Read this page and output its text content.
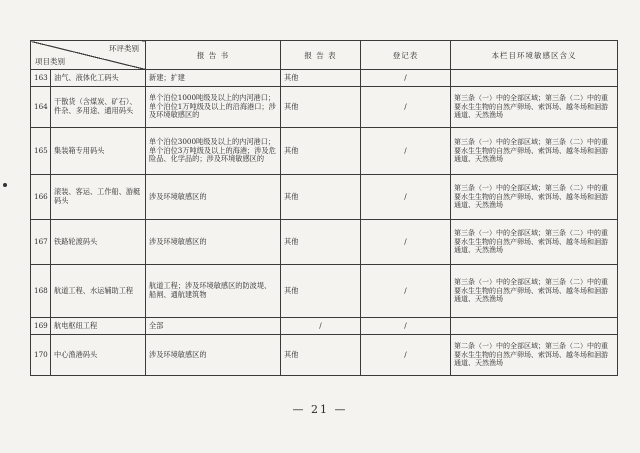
环评类别
项目类别		报 告 书	报 告 表	登记表	本栏目环境敏感区含义
163	油气、液体化工码头	新建；扩建	其他	/	
164	干散货（含煤炭、矿石）、件杂、多用途、通用码头	单个泊位1000吨级及以上的内河港口；单个泊位1万吨级及以上的沿海港口；涉及环境敏感区的	其他	/	第三条（一）中的全部区域；第三条（二）中的重要水生生物的自然产卵场、索饵场、越冬场和洄游通道、天然渔场
165	集装箱专用码头	单个泊位3000吨级及以上的内河港口；单个泊位3万吨级及以上的海港；涉及危险品、化学品的；涉及环境敏感区的	其他	/	第三条（一）中的全部区域；第三条（二）中的重要水生生物的自然产卵场、索饵场、越冬场和洄游通道、天然渔场
166	滚装、客运、工作船、游艇码头	涉及环境敏感区的	其他	/	第三条（一）中的全部区域；第三条（二）中的重要水生生物的自然产卵场、索饵场、越冬场和洄游通道、天然渔场
167	铁路轮渡码头	涉及环境敏感区的	其他	/	第三条（一）中的全部区域；第三条（二）中的重要水生生物的自然产卵场、索饵场、越冬场和洄游通道、天然渔场
168	航道工程、水运辅助工程	航道工程；涉及环境敏感区的防波堤、船闸、通航建筑物	其他	/	第三条（一）中的全部区域；第三条（二）中的重要水生生物的自然产卵场、索饵场、越冬场和洄游通道、天然渔场
169	航电枢纽工程	全部	/	/	
170	中心渔港码头	涉及环境敏感区的	其他	/	第二条（一）中的全部区域；第三条（二）中的重要水生生物的自然产卵场、索饵场、越冬场和洄游通道、天然渔场
— 21 —
